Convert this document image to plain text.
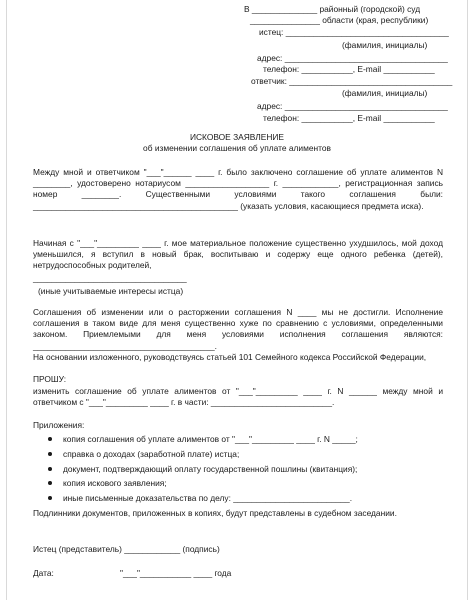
В ______________ районный (городской) суд
_______________ области (края, республики)
истец: ___________________________________
(фамилия, инициалы)
адрес: ___________________________________
телефон: ___________, E-mail ___________
ответчик: ___________________________________
(фамилия, инициалы)
адрес: ___________________________________
телефон: ___________, E-mail ___________
ИСКОВОЕ ЗАЯВЛЕНИЕ
об изменении соглашения об уплате алиментов
Между мной и ответчиком "___"______ ____ г. было заключено соглашение об уплате алиментов N ________, удостоверено нотариусом __________________ г. ____________, регистрационная запись номер ________. Существенными условиями такого соглашения были: ____________________________________________ (указать условия, касающиеся предмета иска).
Начиная с "___"_________ ____ г. мое материальное положение существенно ухудшилось, мой доход уменьшился, я вступил в новый брак, воспитываю и содержу еще одного ребенка (детей), нетрудоспособных родителей,
_________________________________
(иные учитываемые интересы истца)
Соглашения об изменении или о расторжении соглашения N ____ мы не достигли. Исполнение соглашения в таком виде для меня существенно хуже по сравнению с условиями, определенными законом. Приемлемыми для меня условиями исполнения соглашения являются: _______________________________________.
На основании изложенного, руководствуясь статьей 101 Семейного кодекса Российской Федерации,
ПРОШУ:
изменить соглашение об уплате алиментов от "___"_________ ____ г. N ______ между мной и ответчиком с "___"_________ ____ г. в части: __________________________.
Приложения:
копия соглашения об уплате алиментов от "___"_________ ____ г. N _____;
справка о доходах (заработной плате) истца;
документ, подтверждающий оплату государственной пошлины (квитанция);
копия искового заявления;
иные письменные доказательства по делу: _________________________.
Подлинники документов, приложенных в копиях, будут представлены в судебном заседании.
Истец (представитель) ____________ (подпись)
Дата:	"___"___________ ____ года
